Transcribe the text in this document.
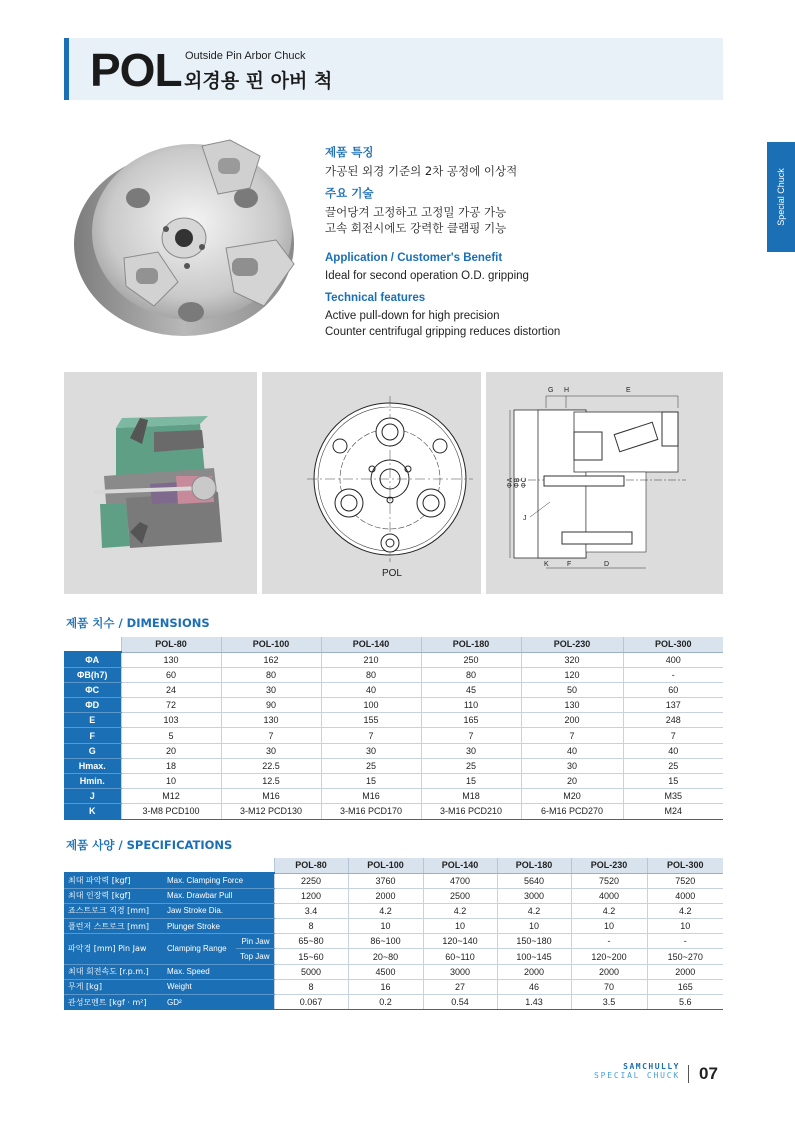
POL Outside Pin Arbor Chuck
외경용 핀 아버 척
Special Chuck
제품 특징
가공된 외경 기준의 2차 공정에 이상적
주요 기술
끌어당겨 고정하고 고정밀 가공 가능
고속 회전시에도 강력한 클램핑 기능
Application / Customer's Benefit
Ideal for second operation O.D. gripping
Technical features
Active pull-down for high precision
Counter centrifugal gripping reduces distortion
POL
G H	E
J
K	F	D
ΦA ΦB ΦC
제품 치수 / DIMENSIONS
	POL-80	POL-100	POL-140	POL-180	POL-230	POL-300
ΦA	130	162	210	250	320	400
ΦB(h7)	60	80	80	80	120	-
ΦC	24	30	40	45	50	60
ΦD	72	90	100	110	130	137
E	103	130	155	165	200	248
F	5	7	7	7	7	7
G	20	30	30	30	40	40
Hmax.	18	22.5	25	25	30	25
Hmin.	10	12.5	15	15	20	15
J	M12	M16	M16	M18	M20	M35
K	3-M8 PCD100	3-M12 PCD130	3-M16 PCD170	3-M16 PCD210	6-M16 PCD270	M24
제품 사양 / SPECIFICATIONS
			POL-80	POL-100	POL-140	POL-180	POL-230	POL-300
최대 파악력 [kgf]	Max. Clamping Force		2250	3760	4700	5640	7520	7520
최대 인장력 [kgf]	Max. Drawbar Pull		1200	2000	2500	3000	4000	4000
죠스트로크 직경 [mm]	Jaw Stroke Dia.		3.4	4.2	4.2	4.2	4.2	4.2
플런저 스트로크 [mm]	Plunger Stroke		8	10	10	10	10	10
파악경 [mm] Pin Jaw	Clamping Range	Pin Jaw	65~80	86~100	120~140	150~180	-	-
		Top Jaw	15~60	20~80	60~110	100~145	120~200	150~270
최대 회전속도 [r.p.m.]	Max. Speed		5000	4500	3000	2000	2000	2000
무게 [kg]	Weight		8	16	27	46	70	165
관성모멘트 [kgf · m²]	GD²		0.067	0.2	0.54	1.43	3.5	5.6
SAMCHULLY
SPECIAL CHUCK 07
